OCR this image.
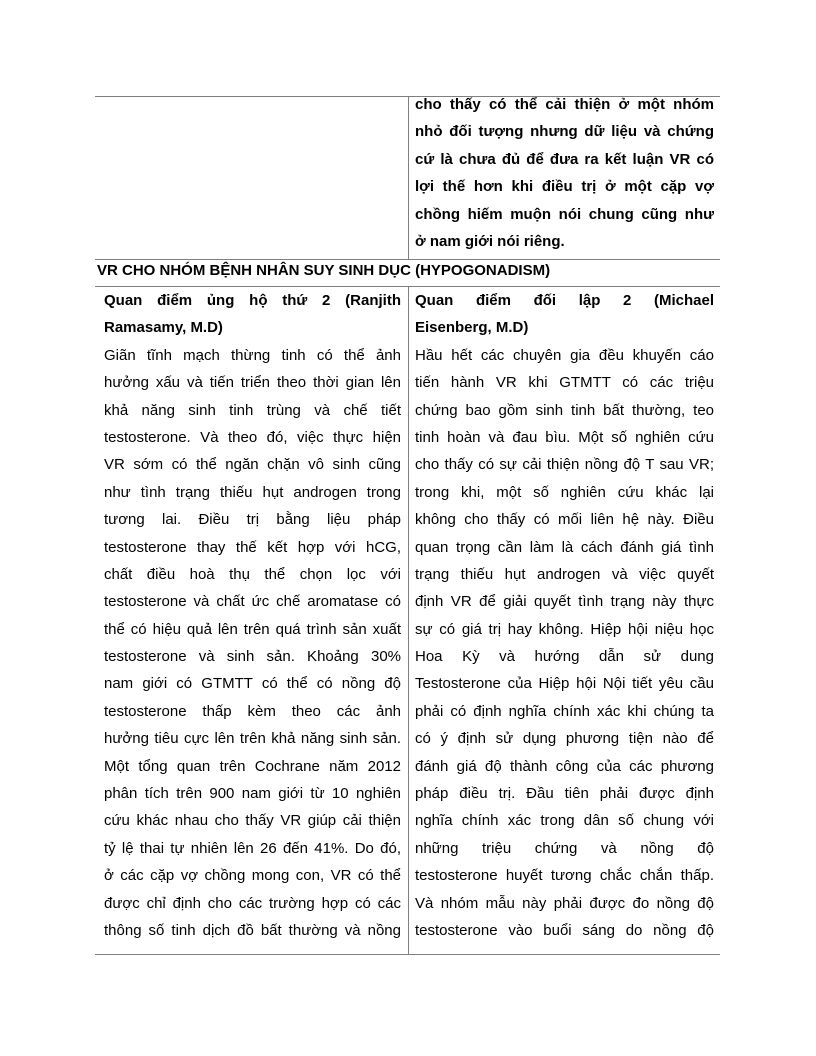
cho thấy có thể cải thiện ở một nhóm
nhỏ đối tượng nhưng dữ liệu và chứng
cứ là chưa đủ để đưa ra kết luận VR có
lợi thế hơn khi điều trị ở một cặp vợ
chồng hiếm muộn nói chung cũng như
ở nam giới nói riêng.
VR CHO NHÓM BỆNH NHÂN SUY SINH DỤC (HYPOGONADISM)
Quan điểm ủng hộ thứ 2 (Ranjith
Ramasamy, M.D)
Giãn tĩnh mạch thừng tinh có thể ảnh
hưởng xấu và tiến triển theo thời gian lên
khả năng sinh tinh trùng và chế tiết
testosterone. Và theo đó, việc thực hiện
VR sớm có thể ngăn chặn vô sinh cũng
như tình trạng thiếu hụt androgen trong
tương lai. Điều trị bằng liệu pháp
testosterone thay thế kết hợp với hCG,
chất điều hoà thụ thể chọn lọc với
testosterone và chất ức chế aromatase có
thể có hiệu quả lên trên quá trình sản xuất
testosterone và sinh sản. Khoảng 30%
nam giới có GTMTT có thể có nồng độ
testosterone thấp kèm theo các ảnh
hưởng tiêu cực lên trên khả năng sinh sản.
Một tổng quan trên Cochrane năm 2012
phân tích trên 900 nam giới từ 10 nghiên
cứu khác nhau cho thấy VR giúp cải thiện
tỷ lệ thai tự nhiên lên 26 đến 41%. Do đó,
ở các cặp vợ chồng mong con, VR có thể
được chỉ định cho các trường hợp có các
thông số tinh dịch đồ bất thường và nồng
Quan điểm đối lập 2 (Michael
Eisenberg, M.D)
Hầu hết các chuyên gia đều khuyến cáo
tiến hành VR khi GTMTT có các triệu
chứng bao gồm sinh tinh bất thường, teo
tinh hoàn và đau bìu. Một số nghiên cứu
cho thấy có sự cải thiện nồng độ T sau VR;
trong khi, một số nghiên cứu khác lại
không cho thấy có mối liên hệ này. Điều
quan trọng cần làm là cách đánh giá tình
trạng thiếu hụt androgen và việc quyết
định VR để giải quyết tình trạng này thực
sự có giá trị hay không. Hiệp hội niệu học
Hoa Kỳ và hướng dẫn sử dung
Testosterone của Hiệp hội Nội tiết yêu cầu
phải có định nghĩa chính xác khi chúng ta
có ý định sử dụng phương tiện nào để
đánh giá độ thành công của các phương
pháp điều trị. Đầu tiên phải được định
nghĩa chính xác trong dân số chung với
những triệu chứng và nồng độ
testosterone huyết tương chắc chắn thấp.
Và nhóm mẫu này phải được đo nồng độ
testosterone vào buổi sáng do nồng độ
